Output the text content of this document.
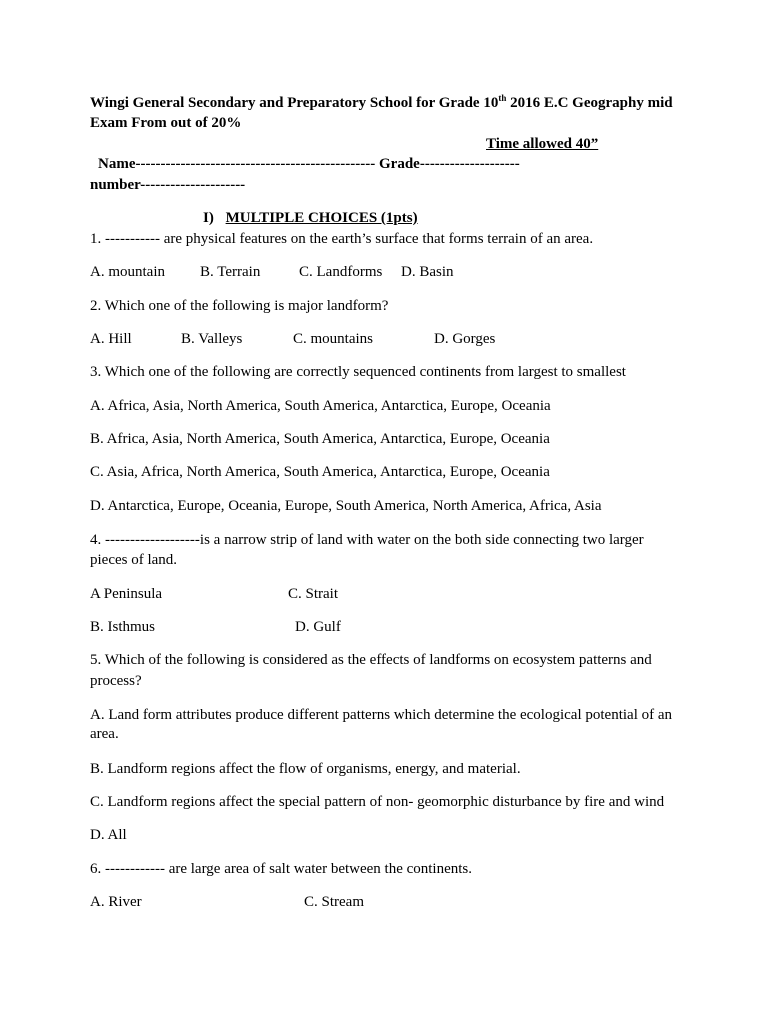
Wingi General Secondary and Preparatory School for Grade 10th 2016 E.C Geography mid
Exam From out of 20%
Time allowed 40”
Name------------------------------------------------ Grade--------------------
number---------------------
I) MULTIPLE CHOICES (1pts)
1. ----------- are physical features on the earth’s surface that forms terrain of an area.
A. mountain B. Terrain	C. Landforms D. Basin
2. Which one of the following is major landform?
A. Hill	B. Valleys	C. mountains	D. Gorges
3. Which one of the following are correctly sequenced continents from largest to smallest
A. Africa, Asia, North America, South America, Antarctica, Europe, Oceania
B. Africa, Asia, North America, South America, Antarctica, Europe, Oceania
C. Asia, Africa, North America, South America, Antarctica, Europe, Oceania
D. Antarctica, Europe, Oceania, Europe, South America, North America, Africa, Asia
4. -------------------is a narrow strip of land with water on the both side connecting two larger
pieces of land.
A Peninsula	C. Strait
B. Isthmus	D. Gulf
5. Which of the following is considered as the effects of landforms on ecosystem patterns and
process?
A. Land form attributes produce different patterns which determine the ecological potential of an
area.
B. Landform regions affect the flow of organisms, energy, and material.
C. Landform regions affect the special pattern of non- geomorphic disturbance by fire and wind
D. All
6. ------------ are large area of salt water between the continents.
A. River	C. Stream
